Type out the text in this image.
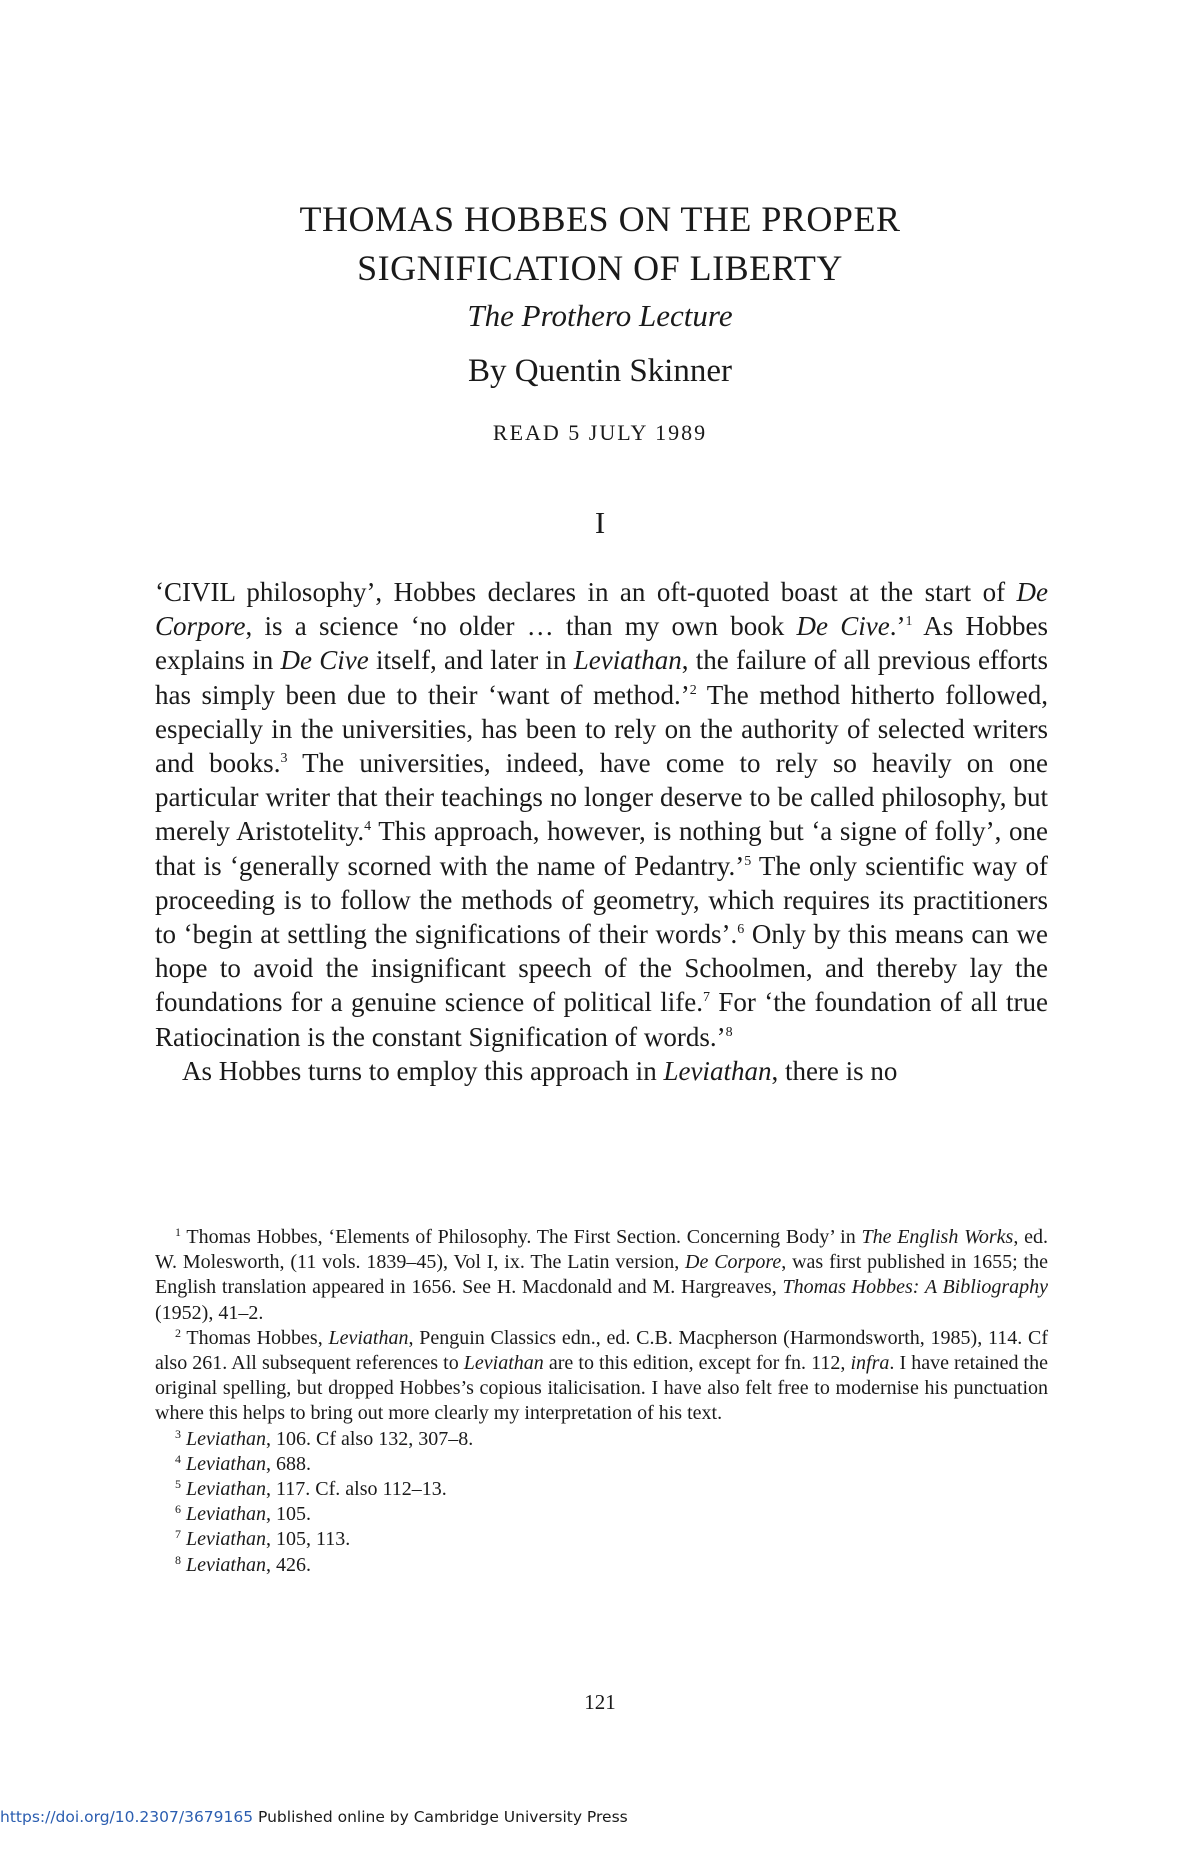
THOMAS HOBBES ON THE PROPER
SIGNIFICATION OF LIBERTY
The Prothero Lecture
By Quentin Skinner
READ 5 JULY 1989
I

‘CIVIL philosophy’, Hobbes declares in an oft-quoted boast at the start of De Corpore, is a science ‘no older … than my own book De Cive.’$^1$ As Hobbes explains in De Cive itself, and later in Leviathan, the failure of all previous efforts has simply been due to their ‘want of method.’$^2$ The method hitherto followed, especially in the universities, has been to rely on the authority of selected writers and books.$^3$ The universities, indeed, have come to rely so heavily on one particular writer that their teachings no longer deserve to be called philosophy, but merely Aristotelity.$^4$ This approach, however, is nothing but ‘a signe of folly’, one that is ‘generally scorned with the name of Pedantry.’$^5$ The only scientific way of proceeding is to follow the methods of geometry, which requires its practitioners to ‘begin at settling the significations of their words’.$^6$ Only by this means can we hope to avoid the insignificant speech of the Schoolmen, and thereby lay the foundations for a genuine science of political life.$^7$ For ‘the foundation of all true Ratiocination is the constant Signification of words.’$^8$

As Hobbes turns to employ this approach in Leviathan, there is no

$^1$ Thomas Hobbes, ‘Elements of Philosophy. The First Section. Concerning Body’ in The English Works, ed. W. Molesworth, (11 vols. 1839–45), Vol I, ix. The Latin version, De Corpore, was first published in 1655; the English translation appeared in 1656. See H. Macdonald and M. Hargreaves, Thomas Hobbes: A Bibliography (1952), 41–2.

$^2$ Thomas Hobbes, Leviathan, Penguin Classics edn., ed. C.B. Macpherson (Harmondsworth, 1985), 114. Cf also 261. All subsequent references to Leviathan are to this edition, except for fn. 112, infra. I have retained the original spelling, but dropped Hobbes’s copious italicisation. I have also felt free to modernise his punctuation where this helps to bring out more clearly my interpretation of his text.

$^3$ Leviathan, 106. Cf also 132, 307–8.

$^4$ Leviathan, 688.

$^5$ Leviathan, 117. Cf. also 112–13.

$^6$ Leviathan, 105.

$^7$ Leviathan, 105, 113.

$^8$ Leviathan, 426.

121
https://doi.org/10.2307/3679165 Published online by Cambridge University Press
